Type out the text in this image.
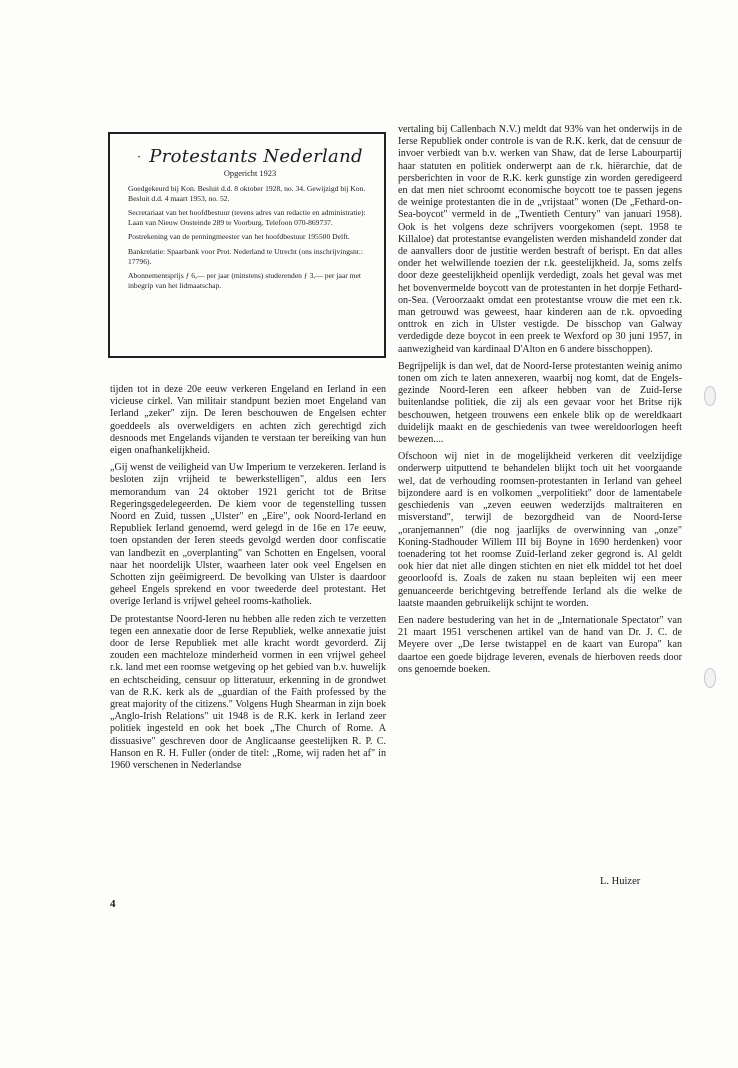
· Protestants Nederland
Opgericht 1923

Goedgekeurd bij Kon. Besluit d.d. 8 oktober 1928, no. 34. Gewijzigd bij Kon. Besluit d.d. 4 maart 1953, no. 52.

Secretariaat van het hoofdbestuur (tevens adres van redactie en administratie): Laan van Nieuw Oosteinde 289 te Voorburg. Telefoon 070-869737.

Postrekening van de penningmeester van het hoofdbestuur 195500 Delft.

Bankrelatie: Spaarbank voor Prot. Nederland te Utrecht (ons inschrijvingsnr.: 17796).

Abonnementsprijs ƒ 6,— per jaar (minstens) studerenden ƒ 3,— per jaar met inbegrip van het lidmaatschap.

tijden tot in deze 20e eeuw verkeren Engeland en Ierland in een vicieuse cirkel. Van militair standpunt bezien moet Engeland van Ierland „zeker" zijn. De Ieren beschouwen de Engelsen echter goeddeels als overweldigers en achten zich gerechtigd zich desnoods met Engelands vijanden te verstaan ter bereiking van hun eigen onafhankelijkheid.

„Gij wenst de veiligheid van Uw Imperium te verzekeren. Ierland is besloten zijn vrijheid te bewerkstelligen", aldus een Iers memorandum van 24 oktober 1921 gericht tot de Britse Regeringsgedelegeerden. De kiem voor de tegenstelling tussen Noord en Zuid, tussen „Ulster" en „Eire", ook Noord-Ierland en Republiek Ierland genoemd, werd gelegd in de 16e en 17e eeuw, toen opstanden der Ieren steeds gevolgd werden door confiscatie van landbezit en „overplanting" van Schotten en Engelsen, vooral naar het noordelijk Ulster, waarheen later ook veel Engelsen en Schotten zijn geëimigreerd. De bevolking van Ulster is daardoor geheel Engels sprekend en voor tweederde deel protestant. Het overige Ierland is vrijwel geheel rooms-katholiek.

De protestantse Noord-Ieren nu hebben alle reden zich te verzetten tegen een annexatie door de Ierse Republiek, welke annexatie juist door de Ierse Republiek met alle kracht wordt gevorderd. Zij zouden een machteloze minderheid vormen in een vrijwel geheel r.k. land met een roomse wetgeving op het gebied van b.v. huwelijk en echtscheiding, censuur op litteratuur, erkenning in de grondwet van de R.K. kerk als de „guardian of the Faith professed by the great majority of the citizens." Volgens Hugh Shearman in zijn boek „Anglo-Irish Relations" uit 1948 is de R.K. kerk in Ierland zeer politiek ingesteld en ook het boek „The Church of Rome. A dissuasive" geschreven door de Anglicaanse geestelijken R. P. C. Hanson en R. H. Fuller (onder de titel: „Rome, wij raden het af" in 1960 verschenen in Nederlandse

vertaling bij Callenbach N.V.) meldt dat 93% van het onderwijs in de Ierse Republiek onder controle is van de R.K. kerk, dat de censuur de invoer verbiedt van b.v. werken van Shaw, dat de Ierse Labourpartij haar statuten en politiek onderwerpt aan de r.k. hiërarchie, dat de persberichten in voor de R.K. kerk gunstige zin worden geredigeerd en dat men niet schroomt economische boycott toe te passen jegens de weinige protestanten die in de „vrijstaat" wonen (De „Fethard-on-Sea-boycot" vermeld in de „Twentieth Century" van januari 1958). Ook is het volgens deze schrijvers voorgekomen (sept. 1958 te Killaloe) dat protestantse evangelisten werden mishandeld zonder dat de aanvallers door de justitie werden bestraft of berispt. En dat alles onder het welwillende toezien der r.k. geestelijkheid. Ja, soms zelfs door deze geestelijkheid openlijk verdedigt, zoals het geval was met het bovenvermelde boycott van de protestanten in het dorpje Fethard-on-Sea. (Veroorzaakt omdat een protestantse vrouw die met een r.k. man getrouwd was geweest, haar kinderen aan de r.k. opvoeding onttrok en zich in Ulster vestigde. De bisschop van Galway verdedigde deze boycot in een preek te Wexford op 30 juni 1957, in aanwezigheid van kardinaal D'Alton en 6 andere bisschoppen).

Begrijpelijk is dan wel, dat de Noord-Ierse protestanten weinig animo tonen om zich te laten annexeren, waarbij nog komt, dat de Engels-gezinde Noord-Ieren een afkeer hebben van de Zuid-Ierse buitenlandse politiek, die zij als een gevaar voor het Britse rijk beschouwen, hetgeen trouwens een enkele blik op de wereldkaart duidelijk maakt en de geschiedenis van twee wereldoorlogen heeft bewezen....

Ofschoon wij niet in de mogelijkheid verkeren dit veelzijdige onderwerp uitputtend te behandelen blijkt toch uit het voorgaande wel, dat de verhouding roomsen-protestanten in Ierland van geheel bijzondere aard is en volkomen „verpolitiekt" door de lamentabele geschiedenis van „zeven eeuwen wederzijds maltraiteren en misverstand", terwijl de bezorgdheid van de Noord-Ierse „oranjemannen" (die nog jaarlijks de overwinning van „onze" Koning-Stadhouder Willem III bij Boyne in 1690 herdenken) voor toenadering tot het roomse Zuid-Ierland zeker gegrond is. Al geldt ook hier dat niet alle dingen stichten en niet elk middel tot het doel geoorloofd is. Zoals de zaken nu staan bepleiten wij een meer genuanceerde berichtgeving betreffende Ierland als die welke de laatste maanden gebruikelijk schijnt te worden.

Een nadere bestudering van het in de „Internationale Spectator" van 21 maart 1951 verschenen artikel van de hand van Dr. J. C. de Meyere over „De Ierse twistappel en de kaart van Europa" kan daartoe een goede bijdrage leveren, evenals de hierboven reeds door ons genoemde boeken.

L. Huizer
4
